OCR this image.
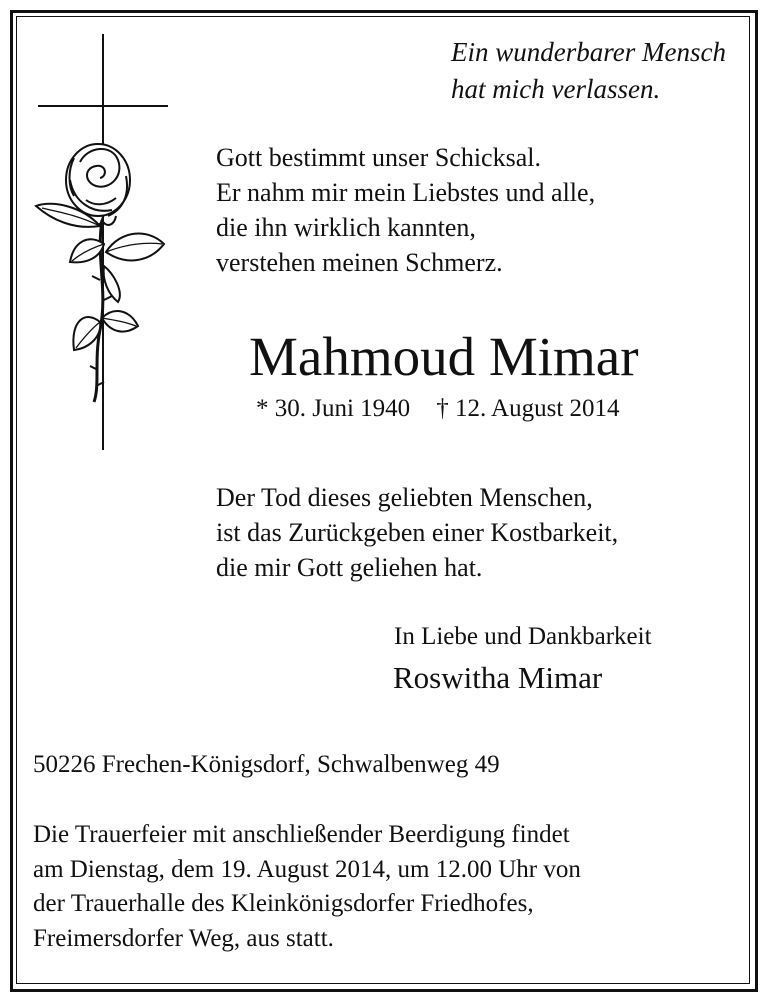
Ein wunderbarer Mensch
hat mich verlassen.
Gott bestimmt unser Schicksal.
Er nahm mir mein Liebstes und alle,
die ihn wirklich kannten,
verstehen meinen Schmerz.
Mahmoud Mimar
* 30. Juni 1940 † 12. August 2014
Der Tod dieses geliebten Menschen,
ist das Zurückgeben einer Kostbarkeit,
die mir Gott geliehen hat.
In Liebe und Dankbarkeit
Roswitha Mimar
50226 Frechen-Königsdorf, Schwalbenweg 49
Die Trauerfeier mit anschließender Beerdigung findet
am Dienstag, dem 19. August 2014, um 12.00 Uhr von
der Trauerhalle des Kleinkönigsdorfer Friedhofes,
Freimersdorfer Weg, aus statt.
